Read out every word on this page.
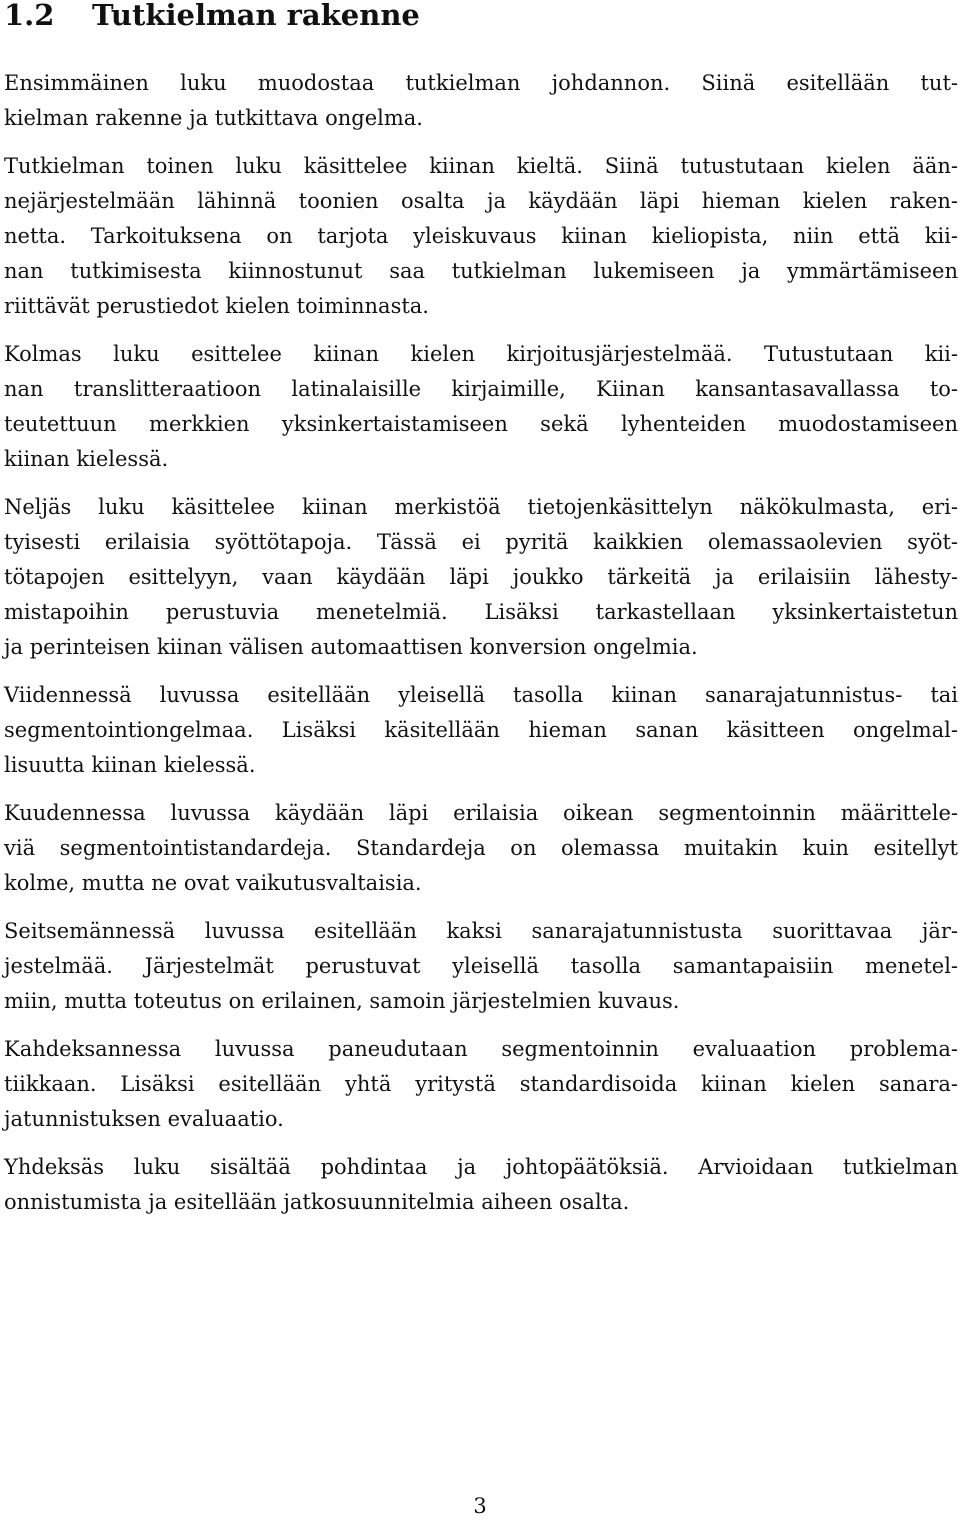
1.2 Tutkielman rakenne

Ensimmäinen luku muodostaa tutkielman johdannon. Siinä esitellään tut-
kielman rakenne ja tutkittava ongelma.

Tutkielman toinen luku käsittelee kiinan kieltä. Siinä tutustutaan kielen ään-
nejärjestelmään lähinnä toonien osalta ja käydään läpi hieman kielen raken-
netta. Tarkoituksena on tarjota yleiskuvaus kiinan kieliopista, niin että kii-
nan tutkimisesta kiinnostunut saa tutkielman lukemiseen ja ymmärtämiseen
riittävät perustiedot kielen toiminnasta.

Kolmas luku esittelee kiinan kielen kirjoitusjärjestelmää. Tutustutaan kii-
nan translitteraatioon latinalaisille kirjaimille, Kiinan kansantasavallassa to-
teutettuun merkkien yksinkertaistamiseen sekä lyhenteiden muodostamiseen
kiinan kielessä.

Neljäs luku käsittelee kiinan merkistöä tietojenkäsittelyn näkökulmasta, eri-
tyisesti erilaisia syöttötapoja. Tässä ei pyritä kaikkien olemassaolevien syöt-
tötapojen esittelyyn, vaan käydään läpi joukko tärkeitä ja erilaisiin lähesty-
mistapoihin perustuvia menetelmiä. Lisäksi tarkastellaan yksinkertaistetun
ja perinteisen kiinan välisen automaattisen konversion ongelmia.

Viidennessä luvussa esitellään yleisellä tasolla kiinan sanarajatunnistus- tai
segmentointiongelmaa. Lisäksi käsitellään hieman sanan käsitteen ongelmal-
lisuutta kiinan kielessä.

Kuudennessa luvussa käydään läpi erilaisia oikean segmentoinnin määrittele-
viä segmentointistandardeja. Standardeja on olemassa muitakin kuin esitellyt
kolme, mutta ne ovat vaikutusvaltaisia.

Seitsemännessä luvussa esitellään kaksi sanarajatunnistusta suorittavaa jär-
jestelmää. Järjestelmät perustuvat yleisellä tasolla samantapaisiin menetel-
miin, mutta toteutus on erilainen, samoin järjestelmien kuvaus.

Kahdeksannessa luvussa paneudutaan segmentoinnin evaluaation problema-
tiikkaan. Lisäksi esitellään yhtä yritystä standardisoida kiinan kielen sanara-
jatunnistuksen evaluaatio.

Yhdeksäs luku sisältää pohdintaa ja johtopäätöksiä. Arvioidaan tutkielman
onnistumista ja esitellään jatkosuunnitelmia aiheen osalta.

3
